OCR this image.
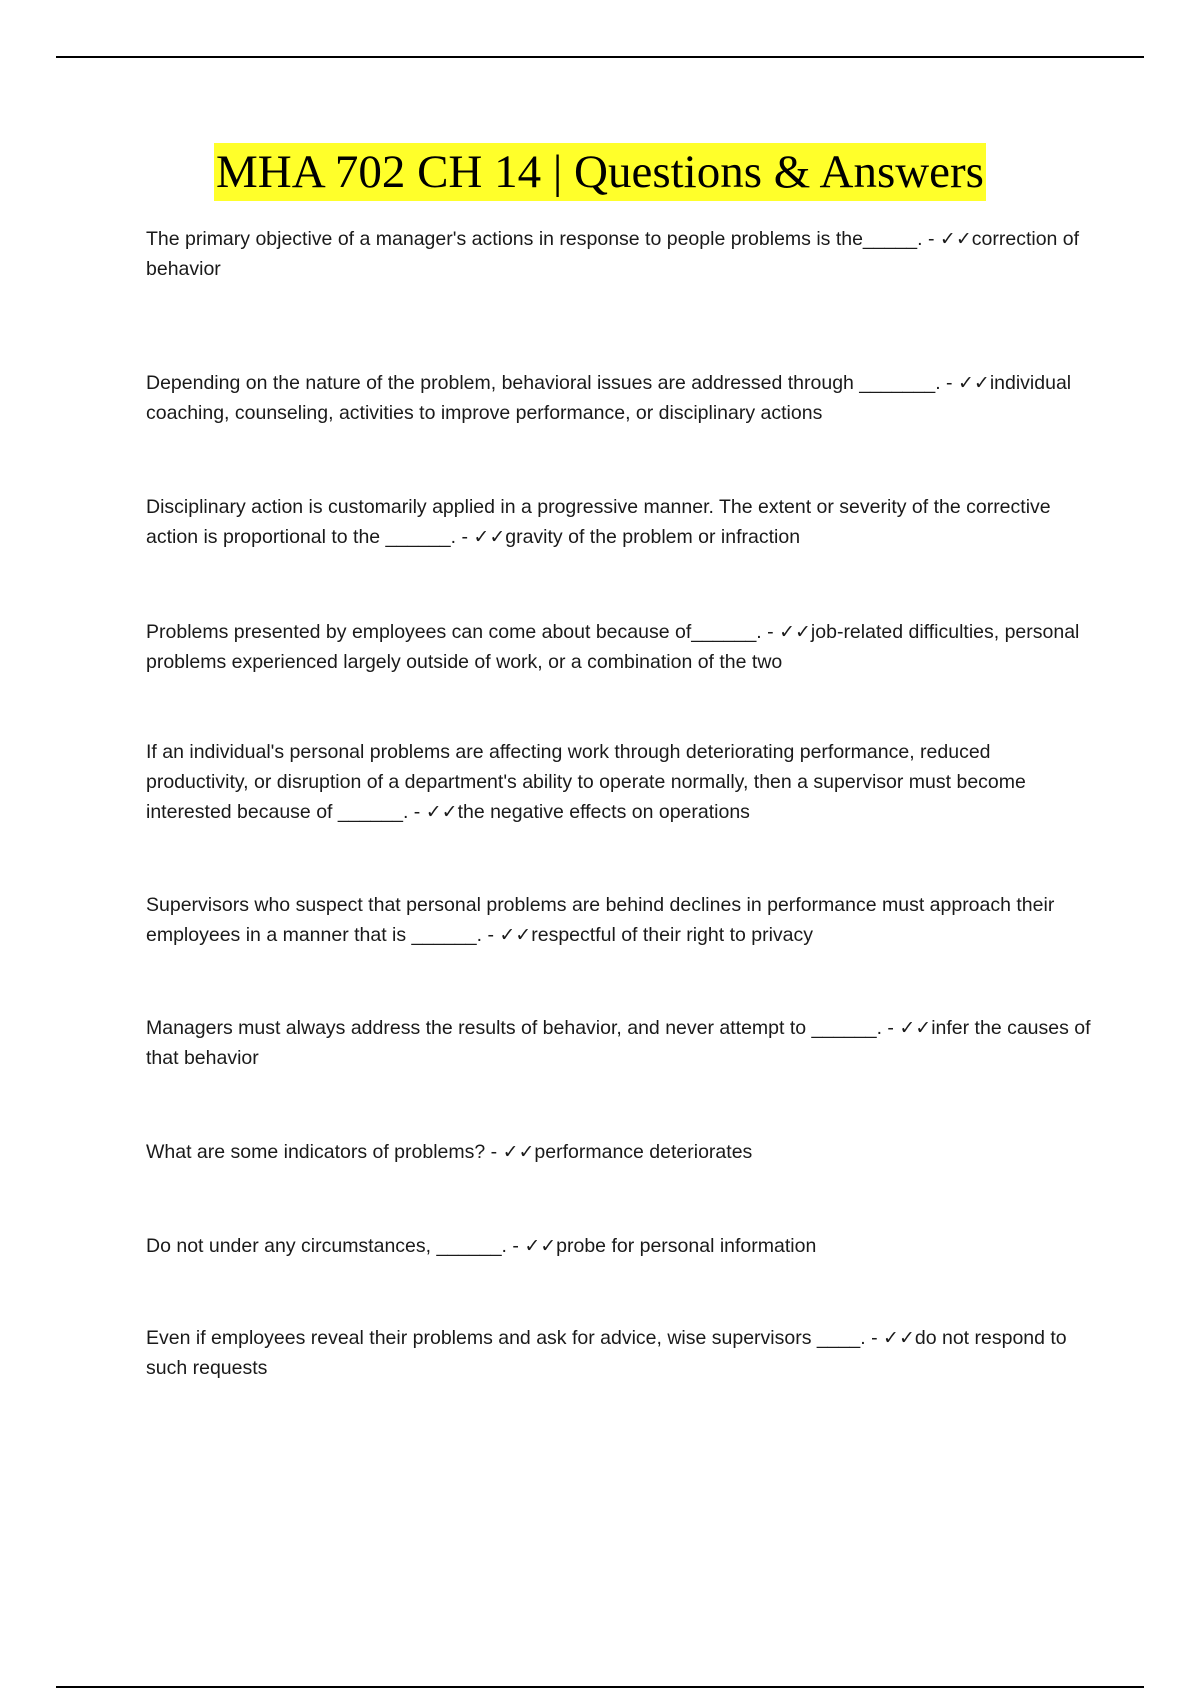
MHA 702 CH 14 | Questions & Answers

The primary objective of a manager's actions in response to people problems is the_____. - ✓✓correction of behavior

Depending on the nature of the problem, behavioral issues are addressed through _______. - ✓✓individual coaching, counseling, activities to improve performance, or disciplinary actions

Disciplinary action is customarily applied in a progressive manner. The extent or severity of the corrective action is proportional to the ______. - ✓✓gravity of the problem or infraction

Problems presented by employees can come about because of______. - ✓✓job-related difficulties, personal problems experienced largely outside of work, or a combination of the two

If an individual's personal problems are affecting work through deteriorating performance, reduced productivity, or disruption of a department's ability to operate normally, then a supervisor must become interested because of ______. - ✓✓the negative effects on operations

Supervisors who suspect that personal problems are behind declines in performance must approach their employees in a manner that is ______. - ✓✓respectful of their right to privacy

Managers must always address the results of behavior, and never attempt to ______. - ✓✓infer the causes of that behavior

What are some indicators of problems? - ✓✓performance deteriorates

Do not under any circumstances, ______. - ✓✓probe for personal information

Even if employees reveal their problems and ask for advice, wise supervisors ____. - ✓✓do not respond to such requests
